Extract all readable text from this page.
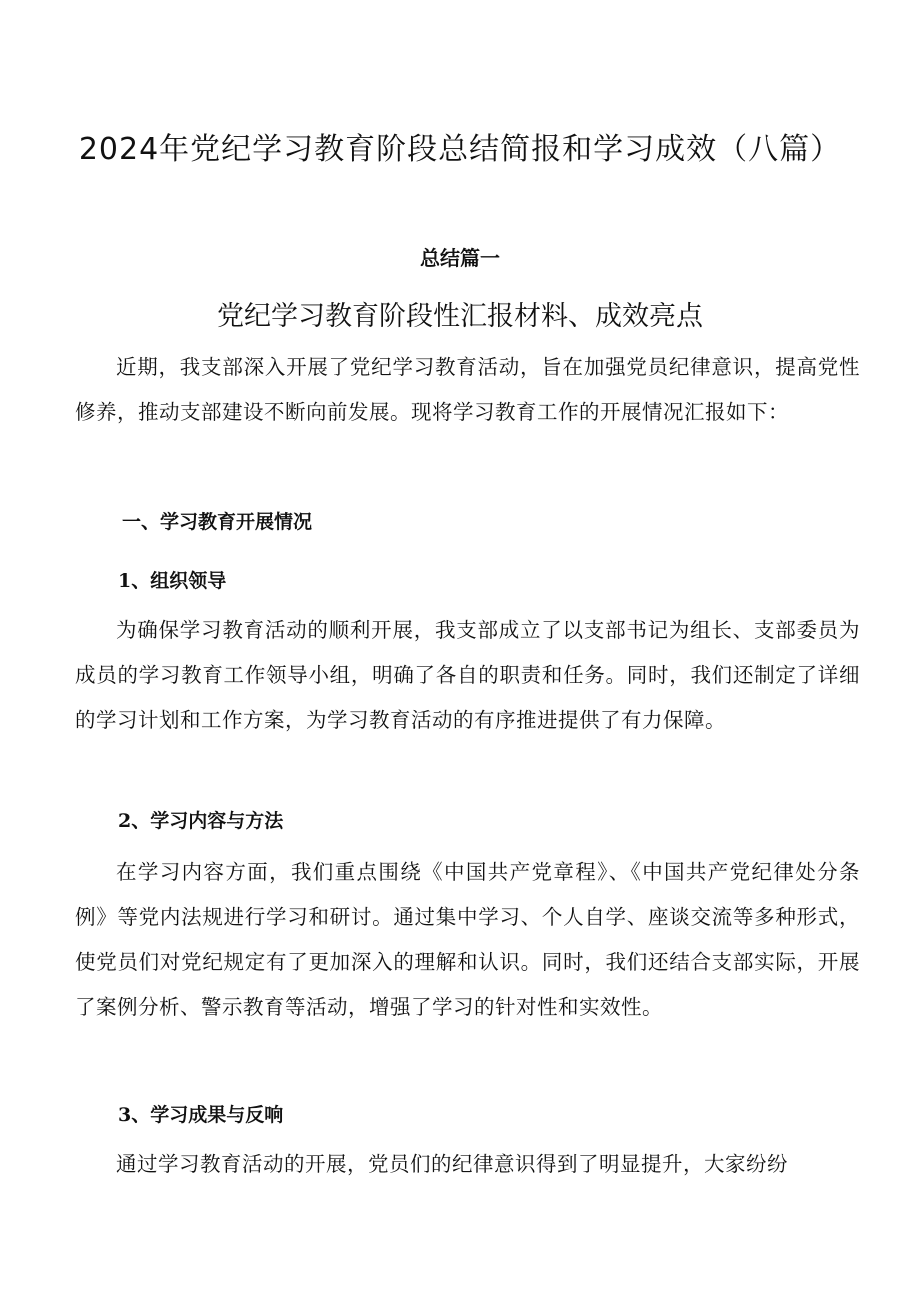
2024年党纪学习教育阶段总结简报和学习成效（八篇）
总结篇一
党纪学习教育阶段性汇报材料、成效亮点

近期，我支部深入开展了党纪学习教育活动，旨在加强党员纪律意识，提高党性修养，推动支部建设不断向前发展。现将学习教育工作的开展情况汇报如下：

一、学习教育开展情况
1、组织领导

为确保学习教育活动的顺利开展，我支部成立了以支部书记为组长、支部委员为成员的学习教育工作领导小组，明确了各自的职责和任务。同时，我们还制定了详细的学习计划和工作方案，为学习教育活动的有序推进提供了有力保障。

2、学习内容与方法

在学习内容方面，我们重点围绕《中国共产党章程》、《中国共产党纪律处分条例》等党内法规进行学习和研讨。通过集中学习、个人自学、座谈交流等多种形式，使党员们对党纪规定有了更加深入的理解和认识。同时，我们还结合支部实际，开展了案例分析、警示教育等活动，增强了学习的针对性和实效性。

3、学习成果与反响

通过学习教育活动的开展，党员们的纪律意识得到了明显提升，大家纷纷
